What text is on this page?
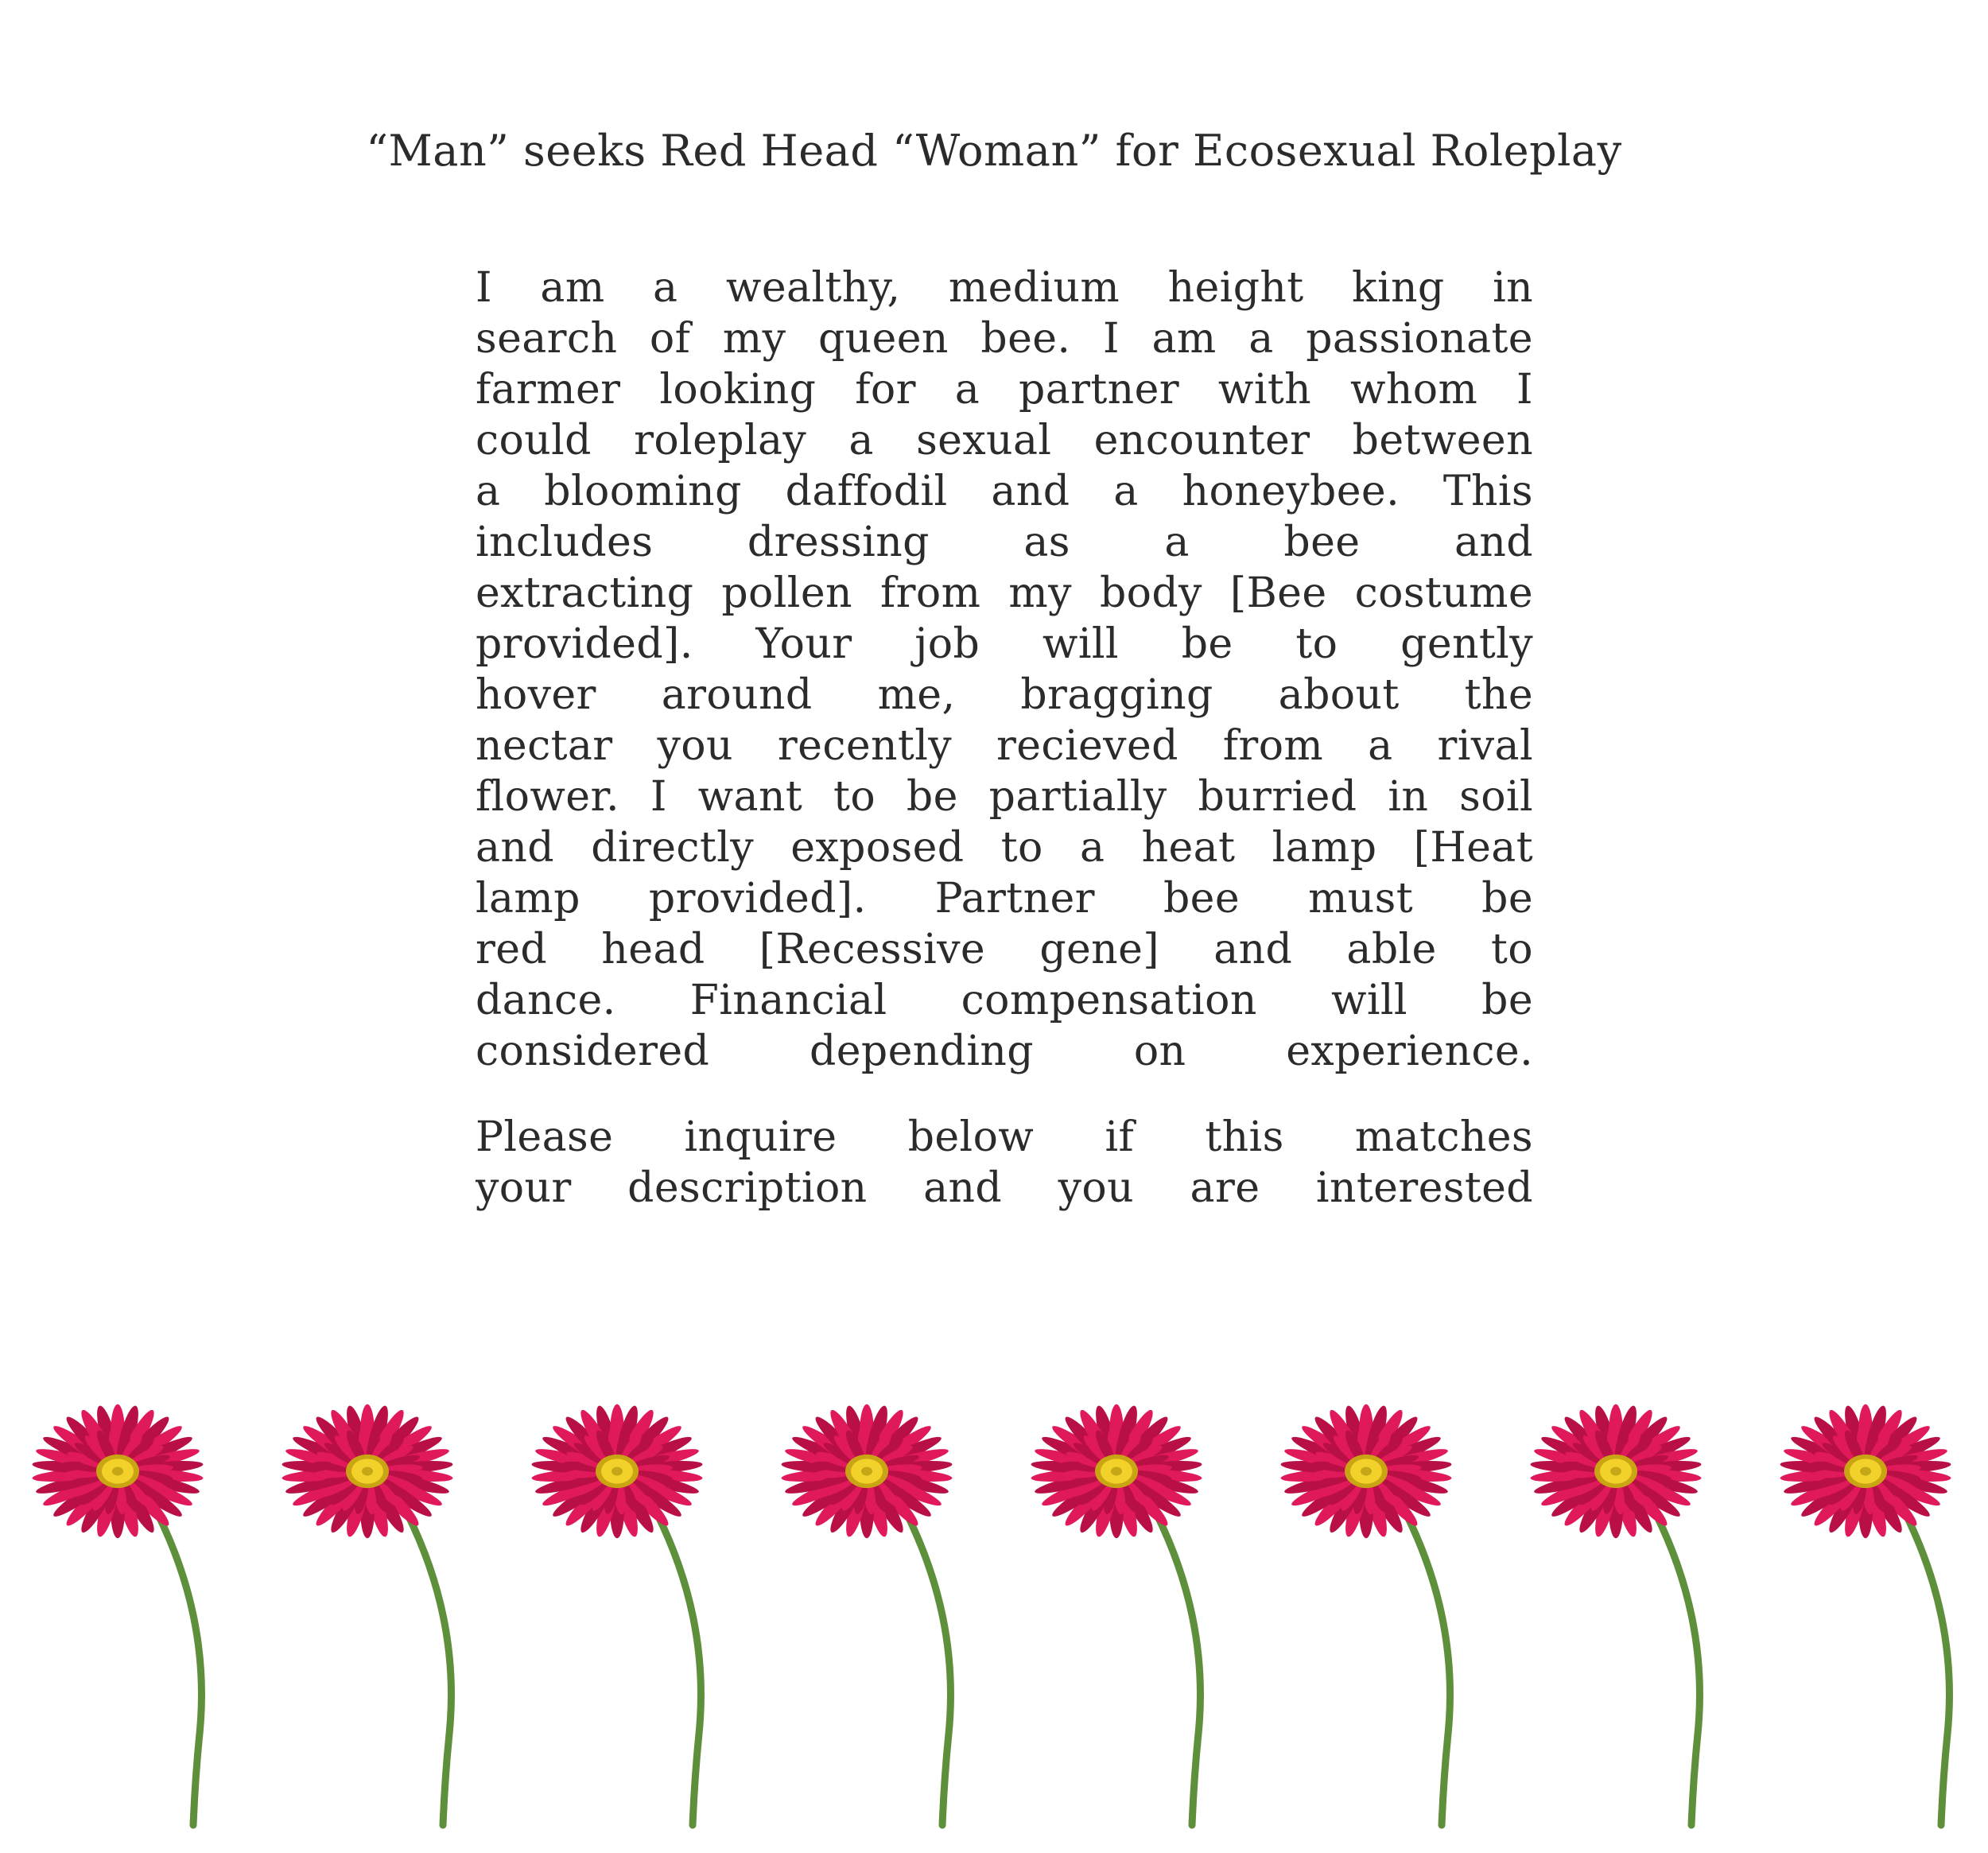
“Man” seeks Red Head “Woman” for Ecosexual Roleplay
I am a wealthy, medium height king in
search of my queen bee. I am a passionate
farmer looking for a partner with whom I
could roleplay a sexual encounter between
a blooming daffodil and a honeybee. This
includes dressing as a bee and
extracting pollen from my body [Bee costume
provided]. Your job will be to gently
hover around me, bragging about the
nectar you recently recieved from a rival
flower. I want to be partially burried in soil
and directly exposed to a heat lamp [Heat
lamp provided]. Partner bee must be
red head [Recessive gene] and able to
dance. Financial compensation will be
considered depending on experience.
Please inquire below if this matches
your description and you are interested
